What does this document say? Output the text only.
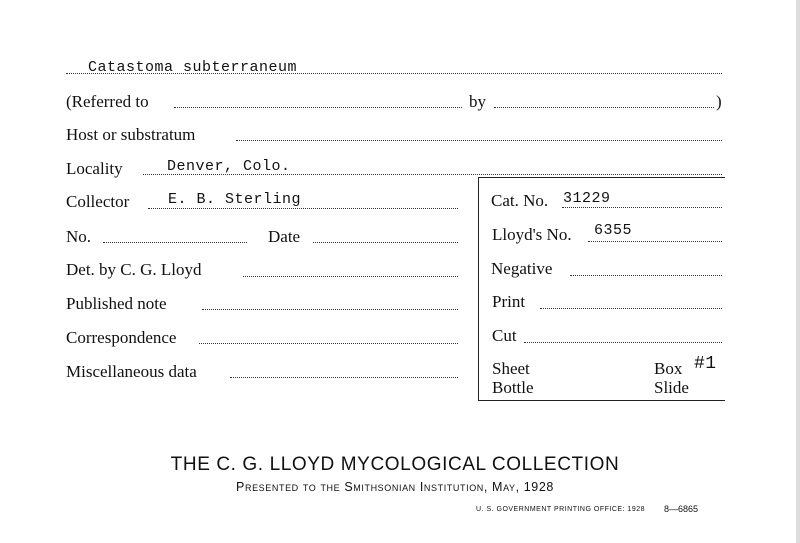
Catastoma subterraneum
(Referred to	by	)
Host or substratum
Locality	Denver, Colo.
Collector	E. B. Sterling	Cat. No. 31229
No.	Date	Lloyd's No. 6355
Det. by C. G. Lloyd	Negative
Published note	Print
Correspondence	Cut
Miscellaneous data	Sheet	Box #1
Bottle	Slide
THE C. G. LLOYD MYCOLOGICAL COLLECTION
Presented to the Smithsonian Institution, May, 1928
U. S. GOVERNMENT PRINTING OFFICE: 1928 8—6865
